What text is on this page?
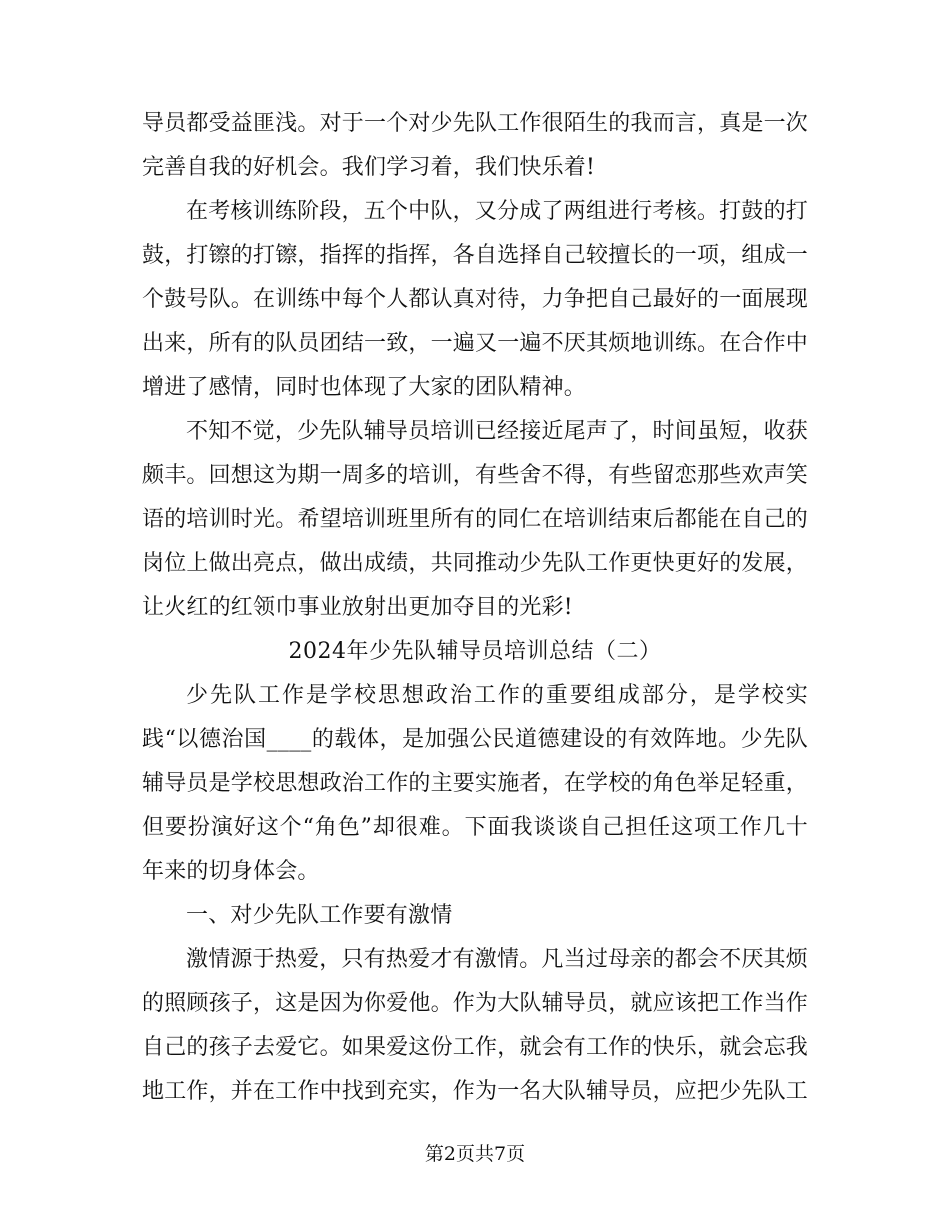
导员都受益匪浅。对于一个对少先队工作很陌生的我而言，真是一次完善自我的好机会。我们学习着，我们快乐着!

在考核训练阶段，五个中队，又分成了两组进行考核。打鼓的打鼓，打镲的打镲，指挥的指挥，各自选择自己较擅长的一项，组成一个鼓号队。在训练中每个人都认真对待，力争把自己最好的一面展现出来，所有的队员团结一致，一遍又一遍不厌其烦地训练。在合作中增进了感情，同时也体现了大家的团队精神。

不知不觉，少先队辅导员培训已经接近尾声了，时间虽短，收获颇丰。回想这为期一周多的培训，有些舍不得，有些留恋那些欢声笑语的培训时光。希望培训班里所有的同仁在培训结束后都能在自己的岗位上做出亮点，做出成绩，共同推动少先队工作更快更好的发展，让火红的红领巾事业放射出更加夺目的光彩!

2024年少先队辅导员培训总结（二）

少先队工作是学校思想政治工作的重要组成部分，是学校实践“以德治国____的载体，是加强公民道德建设的有效阵地。少先队辅导员是学校思想政治工作的主要实施者，在学校的角色举足轻重，但要扮演好这个“角色”却很难。下面我谈谈自己担任这项工作几十年来的切身体会。

一、对少先队工作要有激情

激情源于热爱，只有热爱才有激情。凡当过母亲的都会不厌其烦的照顾孩子，这是因为你爱他。作为大队辅导员，就应该把工作当作自己的孩子去爱它。如果爱这份工作，就会有工作的快乐，就会忘我地工作，并在工作中找到充实，作为一名大队辅导员，应把少先队工

第2页共7页
